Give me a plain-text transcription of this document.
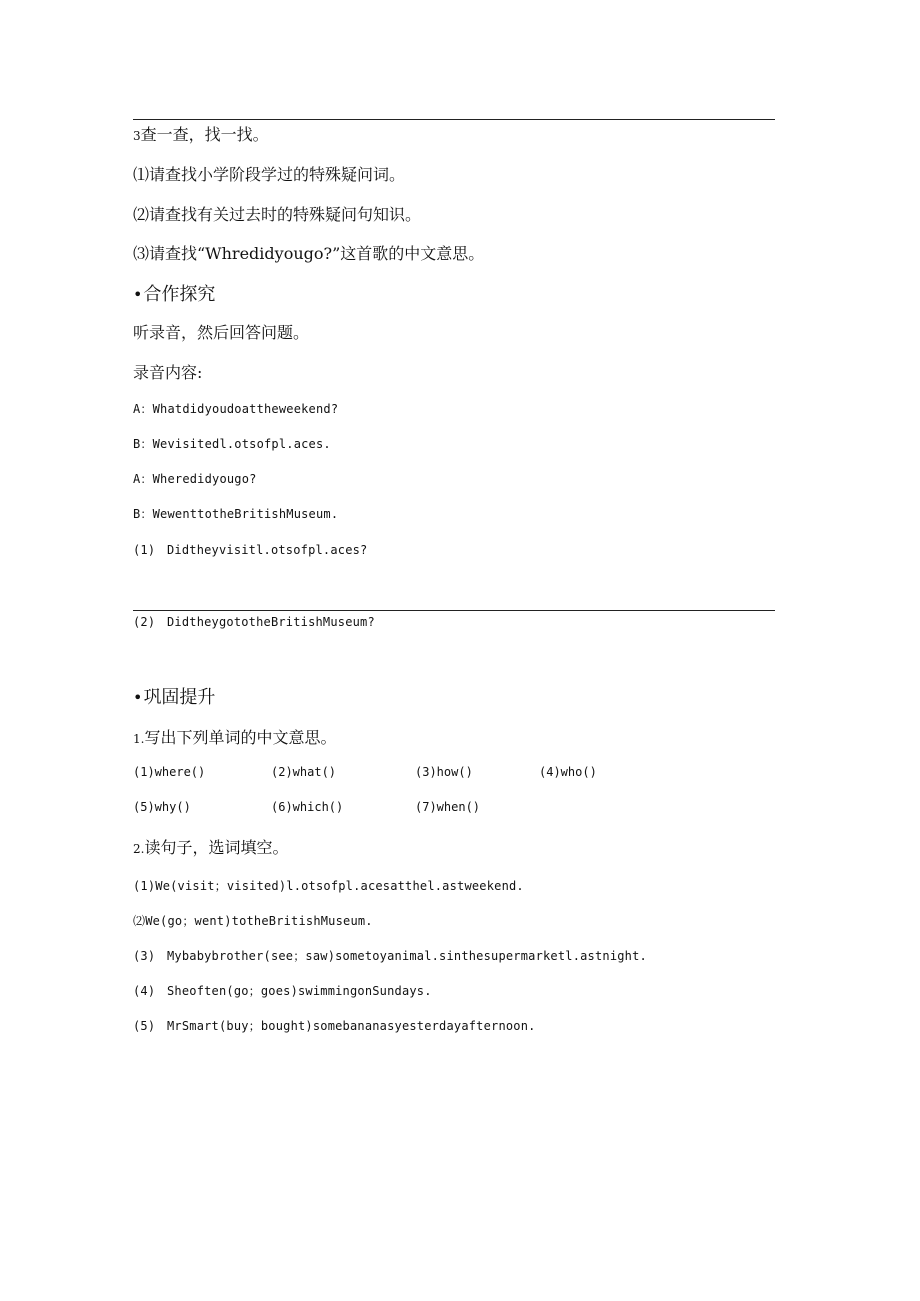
3查一查，找一找。
⑴请查找小学阶段学过的特殊疑问词。
⑵请查找有关过去时的特殊疑问句知识。
⑶请查找“Whredidyougo?”这首歌的中文意思。
•合作探究
听录音，然后回答问题。
录音内容:
A：Whatdidyoudoattheweekend?
B：Wevisitedl.otsofpl.aces.
A：Wheredidyougo?
B：WewenttotheBritishMuseum.
(1) Didtheyvisitl.otsofpl.aces?
(2) DidtheygototheBritishMuseum?
•巩固提升
1.写出下列单词的中文意思。
(1)where()	(2)what()	(3)how()	(4)who()
(5)why()	(6)which()	(7)when()
2.读句子，选词填空。
(1)We(visit；visited)l.otsofpl.acesatthel.astweekend.
⑵We(go；went)totheBritishMuseum.
(3) Mybabybrother(see；saw)sometoyanimal.sinthesupermarketl.astnight.
(4) Sheoften(go；goes)swimmingonSundays.
(5) MrSmart(buy；bought)somebananasyesterdayafternoon.
